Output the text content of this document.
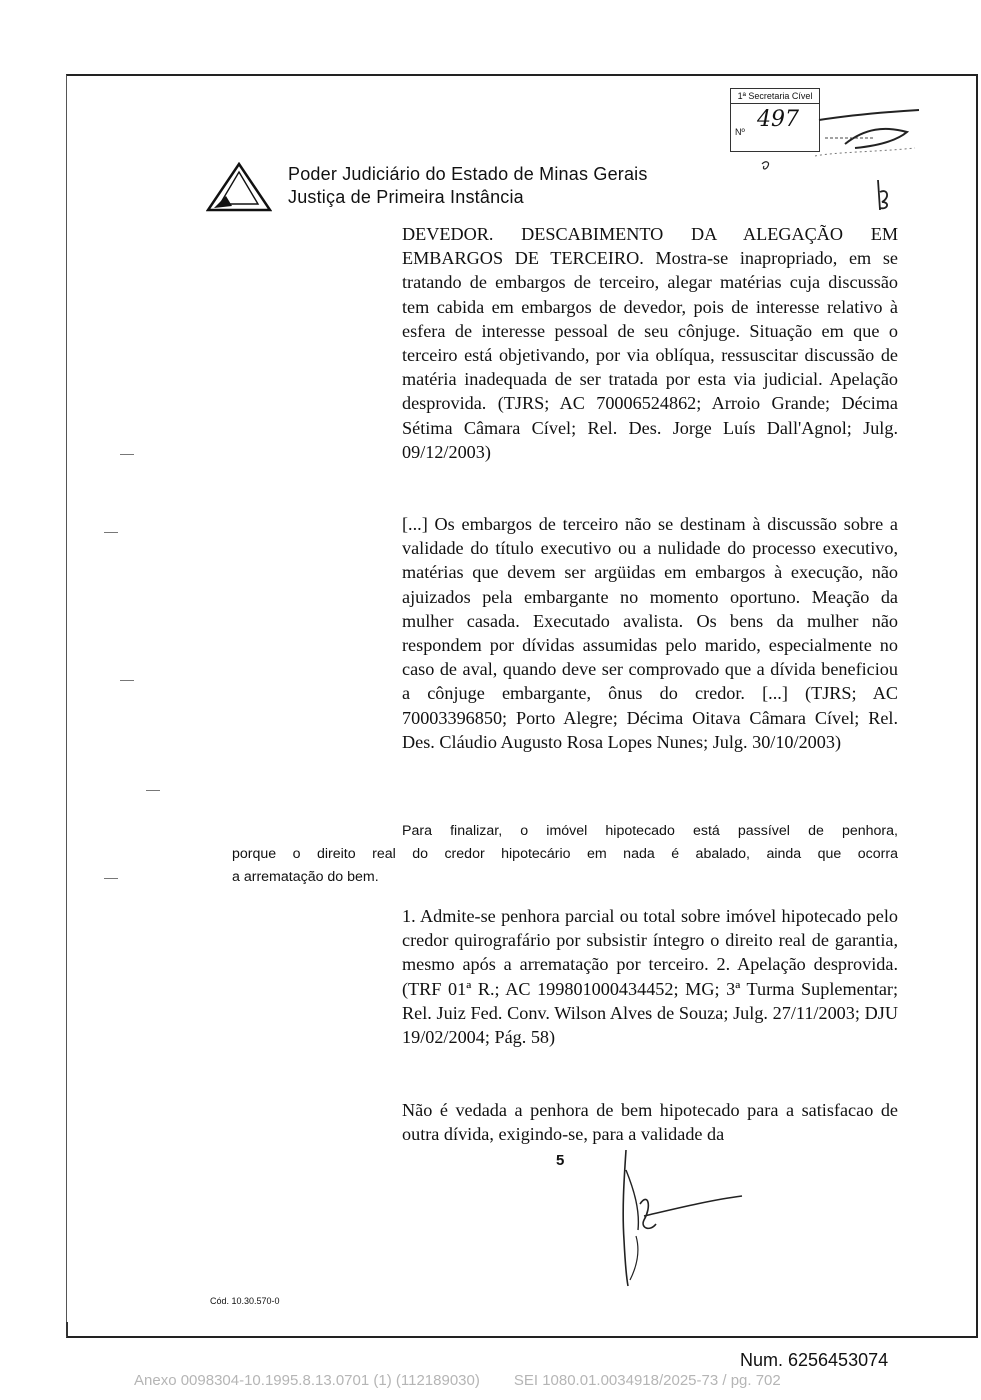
Poder Judiciário do Estado de Minas Gerais
Justiça de Primeira Instância
1ª Secretaria Cível
Nº 497
DEVEDOR. DESCABIMENTO DA ALEGAÇÃO EM EMBARGOS DE TERCEIRO. Mostra-se inapropriado, em se tratando de embargos de terceiro, alegar matérias cuja discussão tem cabida em embargos de devedor, pois de interesse relativo à esfera de interesse pessoal de seu cônjuge. Situação em que o terceiro está objetivando, por via oblíqua, ressuscitar discussão de matéria inadequada de ser tratada por esta via judicial. Apelação desprovida. (TJRS; AC 70006524862; Arroio Grande; Décima Sétima Câmara Cível; Rel. Des. Jorge Luís Dall'Agnol; Julg. 09/12/2003)
[...] Os embargos de terceiro não se destinam à discussão sobre a validade do título executivo ou a nulidade do processo executivo, matérias que devem ser argüidas em embargos à execução, não ajuizados pela embargante no momento oportuno. Meação da mulher casada. Executado avalista. Os bens da mulher não respondem por dívidas assumidas pelo marido, especialmente no caso de aval, quando deve ser comprovado que a dívida beneficiou a cônjuge embargante, ônus do credor. [...] (TJRS; AC 70003396850; Porto Alegre; Décima Oitava Câmara Cível; Rel. Des. Cláudio Augusto Rosa Lopes Nunes; Julg. 30/10/2003)
Para finalizar, o imóvel hipotecado está passível de penhora,
porque o direito real do credor hipotecário em nada é abalado, ainda que ocorra
a arrematação do bem.
1. Admite-se penhora parcial ou total sobre imóvel hipotecado pelo credor quirografário por subsistir íntegro o direito real de garantia, mesmo após a arrematação por terceiro. 2. Apelação desprovida. (TRF 01ª R.; AC 199801000434452; MG; 3ª Turma Suplementar; Rel. Juiz Fed. Conv. Wilson Alves de Souza; Julg. 27/11/2003; DJU 19/02/2004; Pág. 58)
Não é vedada a penhora de bem hipotecado para a satisfacao de outra dívida, exigindo-se, para a validade da
5
Cód. 10.30.570-0
Num. 6256453074
Anexo 0098304-10.1995.8.13.0701 (1) (112189030) SEI 1080.01.0034918/2025-73 / pg. 702
